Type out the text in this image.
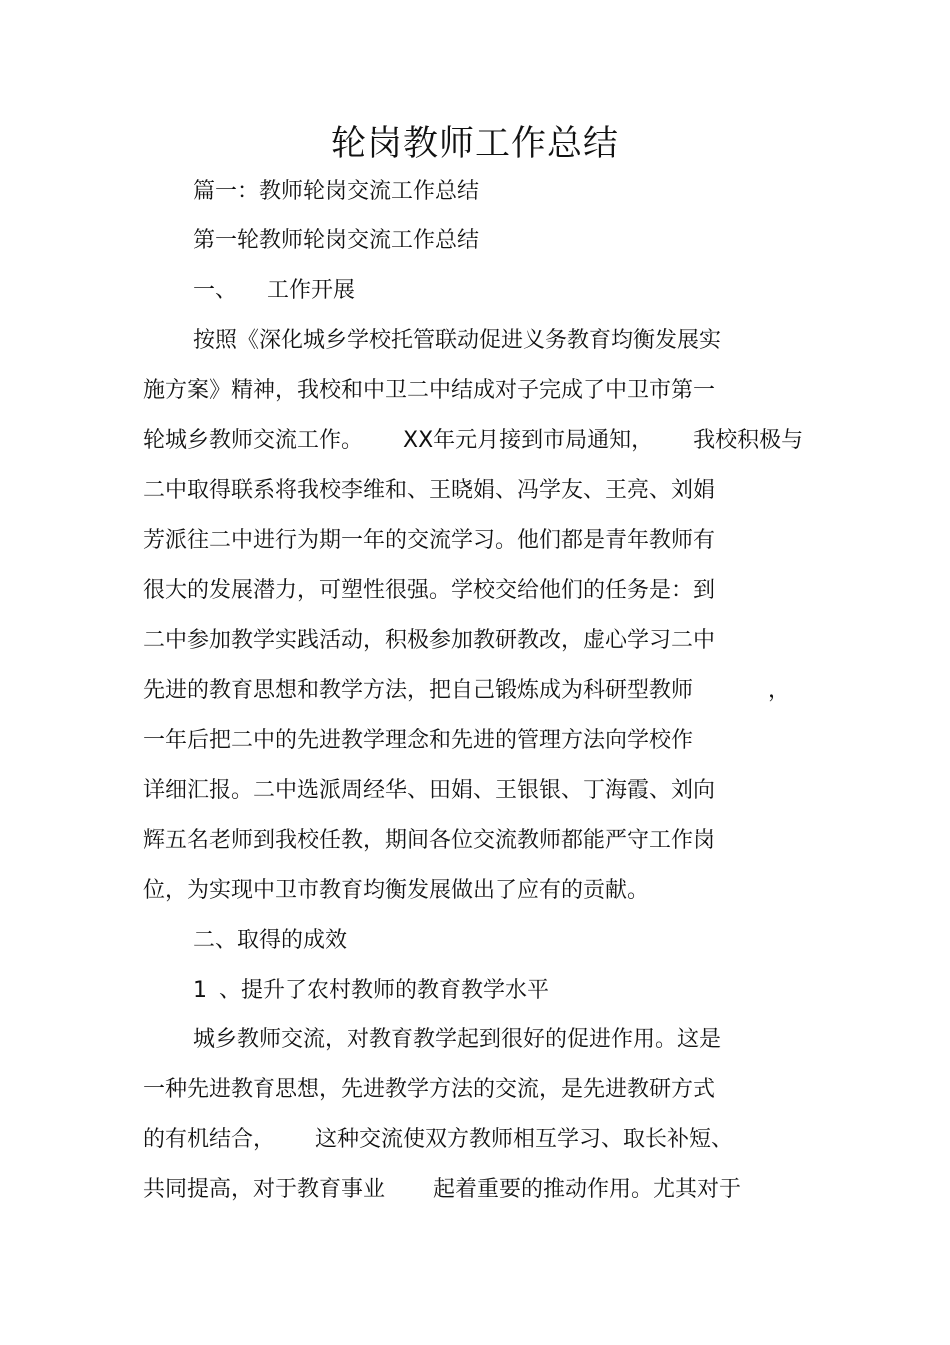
轮岗教师工作总结
篇一：教师轮岗交流工作总结
第一轮教师轮岗交流工作总结
一、 工作开展
按照《深化城乡学校托管联动促进义务教育均衡发展实
施方案》精神，我校和中卫二中结成对子完成了中卫市第一
轮城乡教师交流工作。 XX年元月接到市局通知， 我校积极与
二中取得联系将我校李维和、王晓娟、冯学友、王亮、刘娟
芳派往二中进行为期一年的交流学习。他们都是青年教师有
很大的发展潜力，可塑性很强。学校交给他们的任务是：到
二中参加教学实践活动，积极参加教研教改，虚心学习二中
先进的教育思想和教学方法，把自己锻炼成为科研型教师	，
一年后把二中的先进教学理念和先进的管理方法向学校作
详细汇报。二中选派周经华、田娟、王银银、丁海霞、刘向
辉五名老师到我校任教，期间各位交流教师都能严守工作岗
位，为实现中卫市教育均衡发展做出了应有的贡献。
二、取得的成效
1 、提升了农村教师的教育教学水平
城乡教师交流，对教育教学起到很好的促进作用。这是
一种先进教育思想，先进教学方法的交流，是先进教研方式
的有机结合， 这种交流使双方教师相互学习、取长补短、
共同提高，对于教育事业 起着重要的推动作用。尤其对于
